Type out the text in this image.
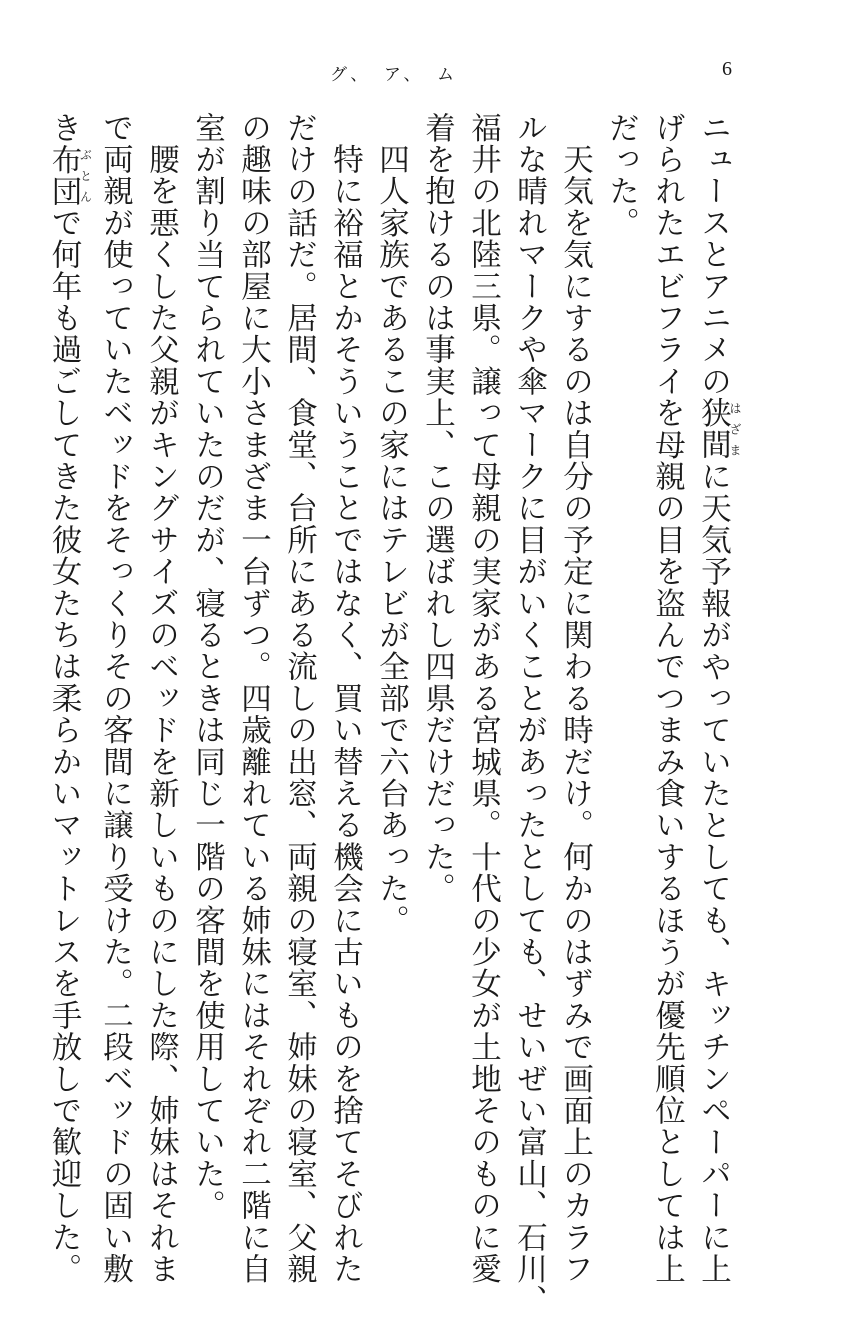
グ、　ア、　ム	6
ニュースとアニメの狭間はざまに天気予報がやっていたとしても、キッチンペーパーに上
げられたエビフライを母親の目を盗んでつまみ食いするほうが優先順位としては上
だった。
　天気を気にするのは自分の予定に関わる時だけ。何かのはずみで画面上のカラフ
ルな晴れマークや傘マークに目がいくことがあったとしても、せいぜい富山、石川、
福井の北陸三県。譲って母親の実家がある宮城県。十代の少女が土地そのものに愛
着を抱けるのは事実上、この選ばれし四県だけだった。
　四人家族であるこの家にはテレビが全部で六台あった。
　特に裕福とかそういうことではなく、買い替える機会に古いものを捨てそびれた
だけの話だ。居間、食堂、台所にある流しの出窓、両親の寝室、姉妹の寝室、父親
の趣味の部屋に大小さまざま一台ずつ。四歳離れている姉妹にはそれぞれ二階に自
室が割り当てられていたのだが、寝るときは同じ一階の客間を使用していた。
　腰を悪くした父親がキングサイズのベッドを新しいものにした際、姉妹はそれま
で両親が使っていたベッドをそっくりその客間に譲り受けた。二段ベッドの固い敷
き布団ぶとんで何年も過ごしてきた彼女たちは柔らかいマットレスを手放しで歓迎した。
